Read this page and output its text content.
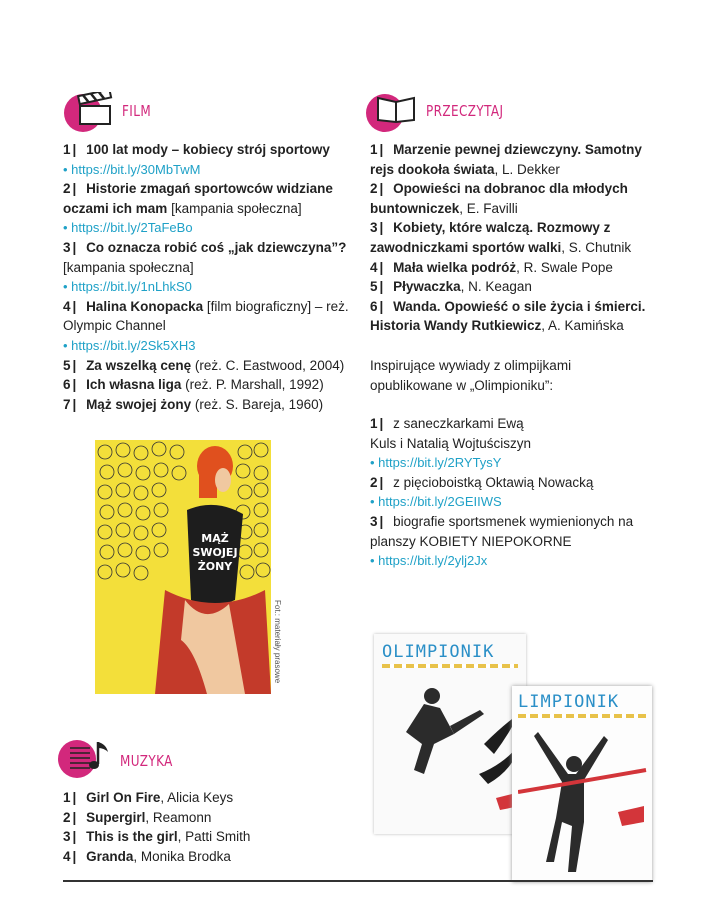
FILM
1 | 100 lat mody – kobiecy strój sportowy
• https://bit.ly/30MbTwM
2 | Historie zmagań sportowców widziane oczami ich mam [kampania społeczna]
• https://bit.ly/2TaFeBo
3 | Co oznacza robić coś „jak dziewczyna”? [kampania społeczna]
• https://bit.ly/1nLhkS0
4 | Halina Konopacka [film biograficzny] – reż. Olympic Channel
• https://bit.ly/2Sk5XH3
5 | Za wszelką cenę (reż. C. Eastwood, 2004)
6 | Ich własna liga (reż. P. Marshall, 1992)
7 | Mąż swojej żony (reż. S. Bareja, 1960)
MĄŻ
SWOJEJ
ŻONY
Fot.: materiały prasowe
PRZECZYTAJ
1 | Marzenie pewnej dziewczyny. Samotny rejs dookoła świata, L. Dekker
2 | Opowieści na dobranoc dla młodych buntowniczek, E. Favilli
3 | Kobiety, które walczą. Rozmowy z zawodniczkami sportów walki, S. Chutnik
4 | Mała wielka podróż, R. Swale Pope
5 | Pływaczka, N. Keagan
6 | Wanda. Opowieść o sile życia i śmierci. Historia Wandy Rutkiewicz, A. Kamińska
Inspirujące wywiady z olimpijkami opublikowane w „Olimpioniku”:
1 | z saneczkarkami Ewą Kuls i Natalią Wojtuściszyn
• https://bit.ly/2RYTysY
2 | z pięcioboistką Oktawią Nowacką
• https://bit.ly/2GEIIWS
3 | biografie sportsmenek wymienionych na planszy KOBIETY NIEPOKORNE
• https://bit.ly/2ylj2Jx
OLIMPIONIK
LIMPIONIK
MUZYKA
1 | Girl On Fire, Alicia Keys
2 | Supergirl, Reamonn
3 | This is the girl, Patti Smith
4 | Granda, Monika Brodka
